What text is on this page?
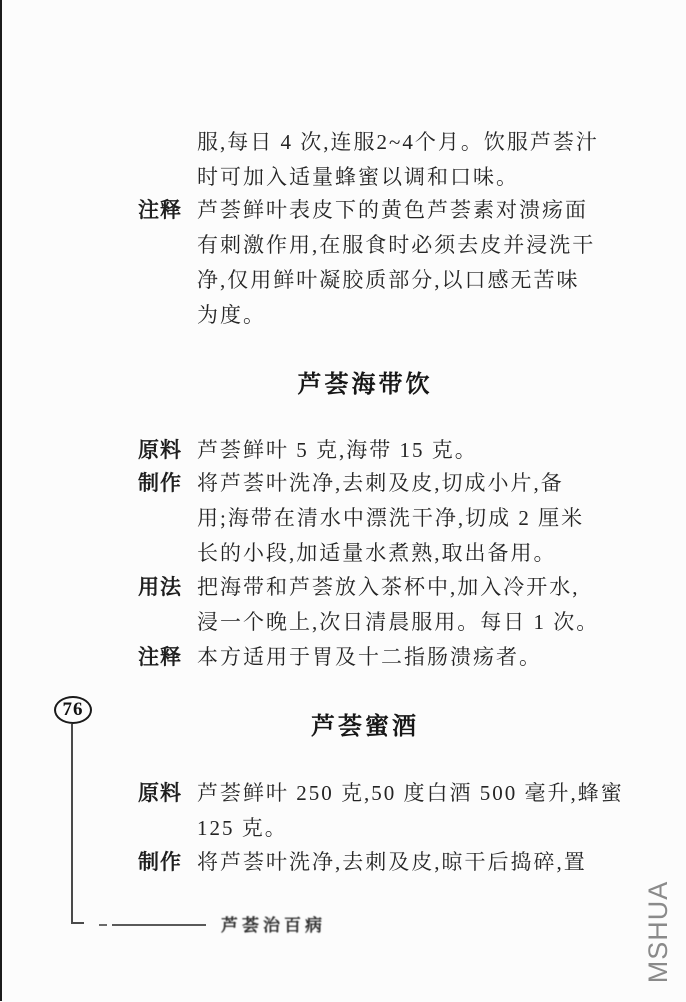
服,每日 4 次,连服2~4个月。饮服芦荟汁
时可加入适量蜂蜜以调和口味。
注释 芦荟鲜叶表皮下的黄色芦荟素对溃疡面
有刺激作用,在服食时必须去皮并浸洗干
净,仅用鲜叶凝胶质部分,以口感无苦味
为度。
芦荟海带饮
原料 芦荟鲜叶 5 克,海带 15 克。
制作 将芦荟叶洗净,去刺及皮,切成小片,备
用;海带在清水中漂洗干净,切成 2 厘米
长的小段,加适量水煮熟,取出备用。
用法 把海带和芦荟放入茶杯中,加入冷开水,
浸一个晚上,次日清晨服用。每日 1 次。
注释 本方适用于胃及十二指肠溃疡者。
芦荟蜜酒
原料 芦荟鲜叶 250 克,50 度白酒 500 毫升,蜂蜜
125 克。
制作 将芦荟叶洗净,去刺及皮,晾干后捣碎,置
76
芦荟治百病	MSHUA
